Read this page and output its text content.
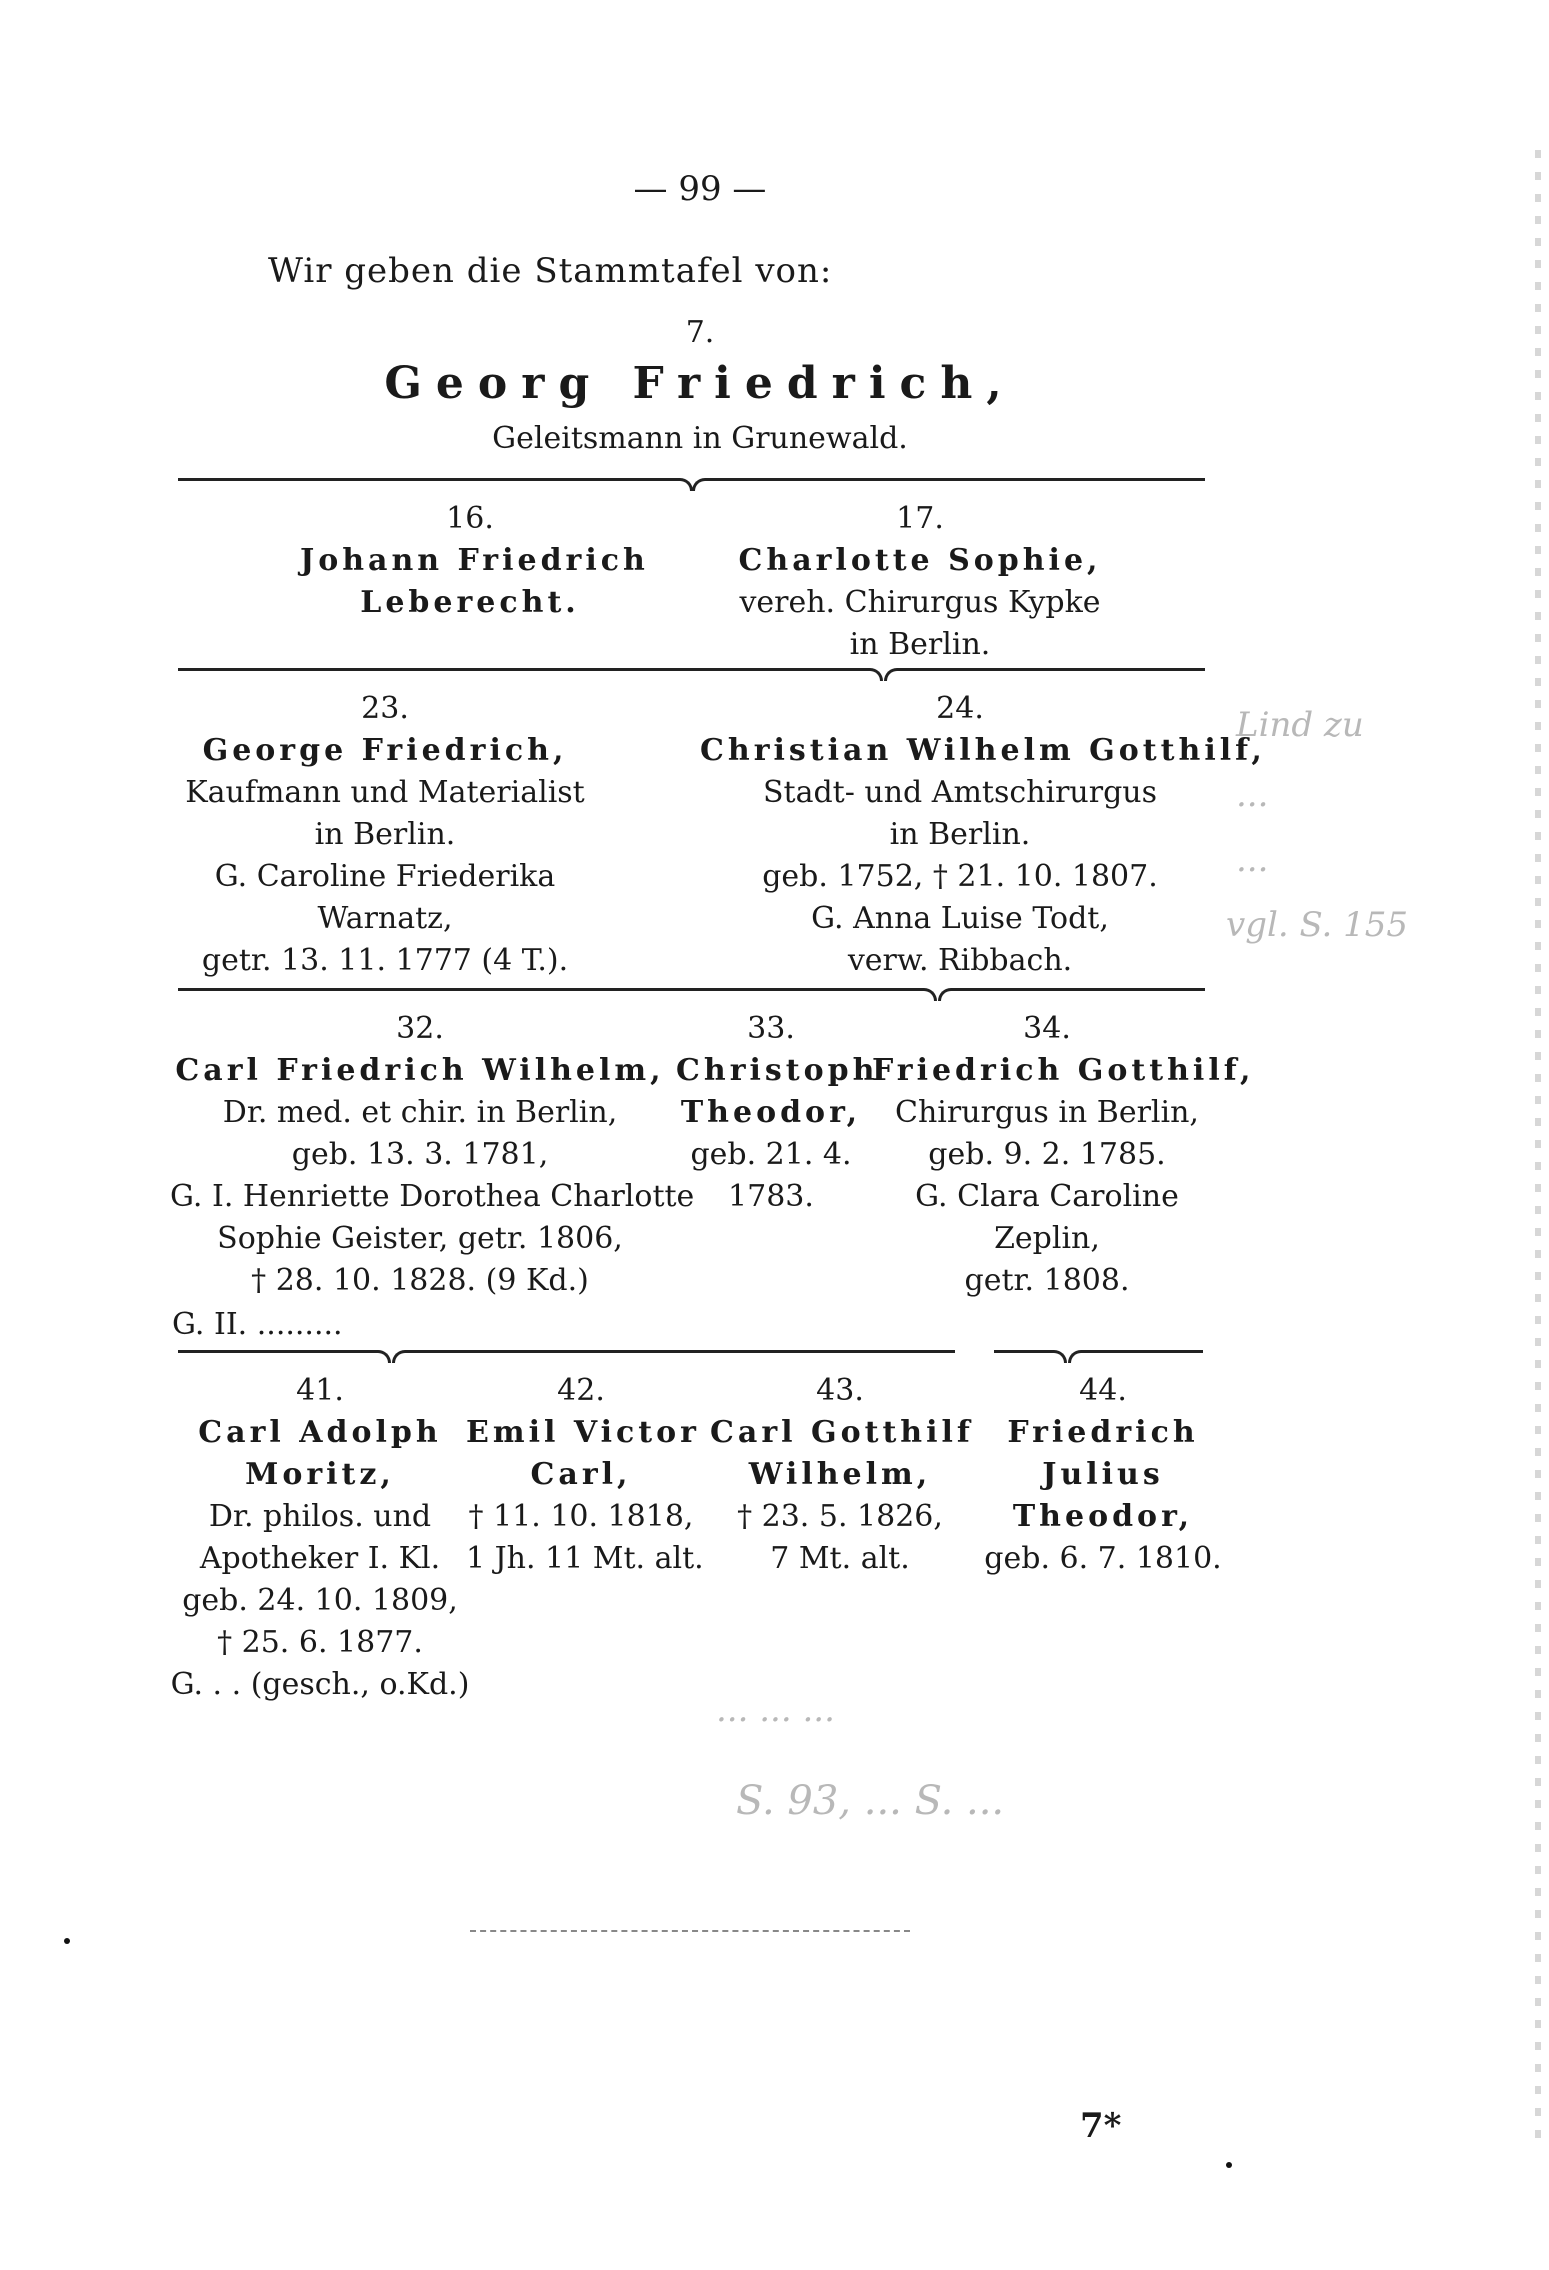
— 99 —
Wir geben die Stammtafel von:
7.
Georg Friedrich,
Geleitsmann in Grunewald.
16.
Johann Friedrich
Leberecht.
17.
Charlotte Sophie,
vereh. Chirurgus Kypke
in Berlin.
23.
George Friedrich,
Kaufmann und Materialist
in Berlin.
G. Caroline Friederika
Warnatz,
getr. 13. 11. 1777 (4 T.).
24.
Christian Wilhelm Gotthilf,
Stadt- und Amtschirurgus
in Berlin.
geb. 1752, † 21. 10. 1807.
G. Anna Luise Todt,
verw. Ribbach.
32.
Carl Friedrich Wilhelm,
Dr. med. et chir. in Berlin,
geb. 13. 3. 1781,
G. I. Henriette Dorothea Charlotte
Sophie Geister, getr. 1806,
† 28. 10. 1828. (9 Kd.)
G. II. .........
33.
Christoph
Theodor,
geb. 21. 4.
1783.
34.
Friedrich Gotthilf,
Chirurgus in Berlin,
geb. 9. 2. 1785.
G. Clara Caroline
Zeplin,
getr. 1808.
41.
Carl Adolph
Moritz,
Dr. philos. und
Apotheker I. Kl.
geb. 24. 10. 1809,
† 25. 6. 1877.
G. . . (gesch., o.Kd.)
42.
Emil Victor
Carl,
† 11. 10. 1818,
1 Jh. 11 Mt. alt.
43.
Carl Gotthilf
Wilhelm,
† 23. 5. 1826,
7 Mt. alt.
44.
Friedrich
Julius
Theodor,
geb. 6. 7. 1810.
Lind zu
...
...
vgl. S. 155
... ... ...
S. 93, ... S. ...
7*
